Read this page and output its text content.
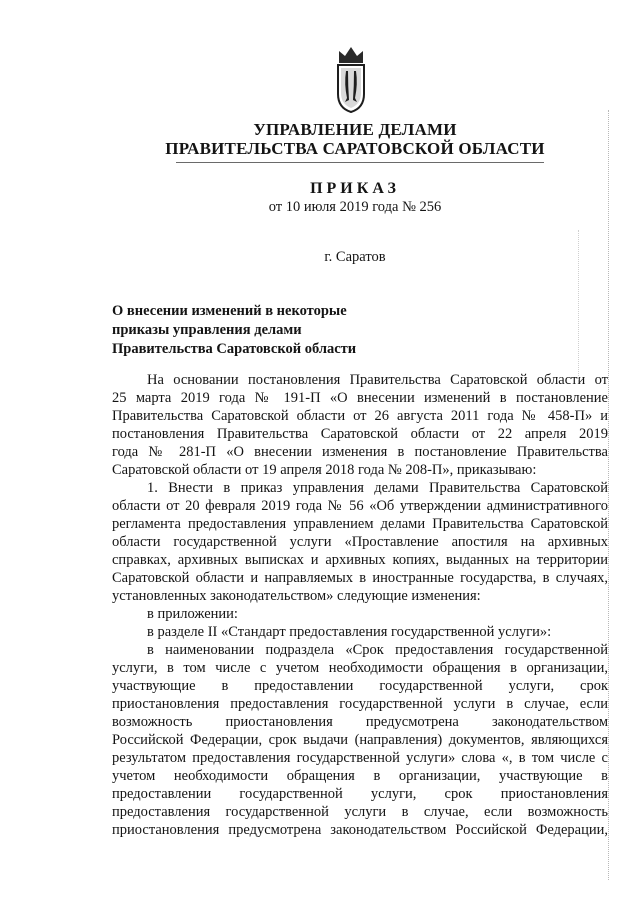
УПРАВЛЕНИЕ ДЕЛАМИ
ПРАВИТЕЛЬСТВА САРАТОВСКОЙ ОБЛАСТИ
ПРИКАЗ
от 10 июля 2019 года № 256
г. Саратов
О внесении изменений в некоторые
приказы управления делами
Правительства Саратовской области
На основании постановления Правительства Саратовской области от
25 марта 2019 года № 191-П «О внесении изменений в постановление
Правительства Саратовской области от 26 августа 2011 года № 458-П» и
постановления Правительства Саратовской области от 22 апреля 2019
года № 281-П «О внесении изменения в постановление Правительства
Саратовской области от 19 апреля 2018 года № 208-П», приказываю:
1. Внести в приказ управления делами Правительства Саратовской
области от 20 февраля 2019 года № 56 «Об утверждении административного
регламента предоставления управлением делами Правительства Саратовской
области государственной услуги «Проставление апостиля на архивных
справках, архивных выписках и архивных копиях, выданных на территории
Саратовской области и направляемых в иностранные государства, в случаях,
установленных законодательством» следующие изменения:
в приложении:
в разделе II «Стандарт предоставления государственной услуги»:
в наименовании подраздела «Срок предоставления государственной
услуги, в том числе с учетом необходимости обращения в организации,
участвующие в предоставлении государственной услуги, срок
приостановления предоставления государственной услуги в случае, если
возможность приостановления предусмотрена законодательством
Российской Федерации, срок выдачи (направления) документов, являющихся
результатом предоставления государственной услуги» слова «, в том числе с
учетом необходимости обращения в организации, участвующие в
предоставлении государственной услуги, срок приостановления
предоставления государственной услуги в случае, если возможность
приостановления предусмотрена законодательством Российской Федерации,
